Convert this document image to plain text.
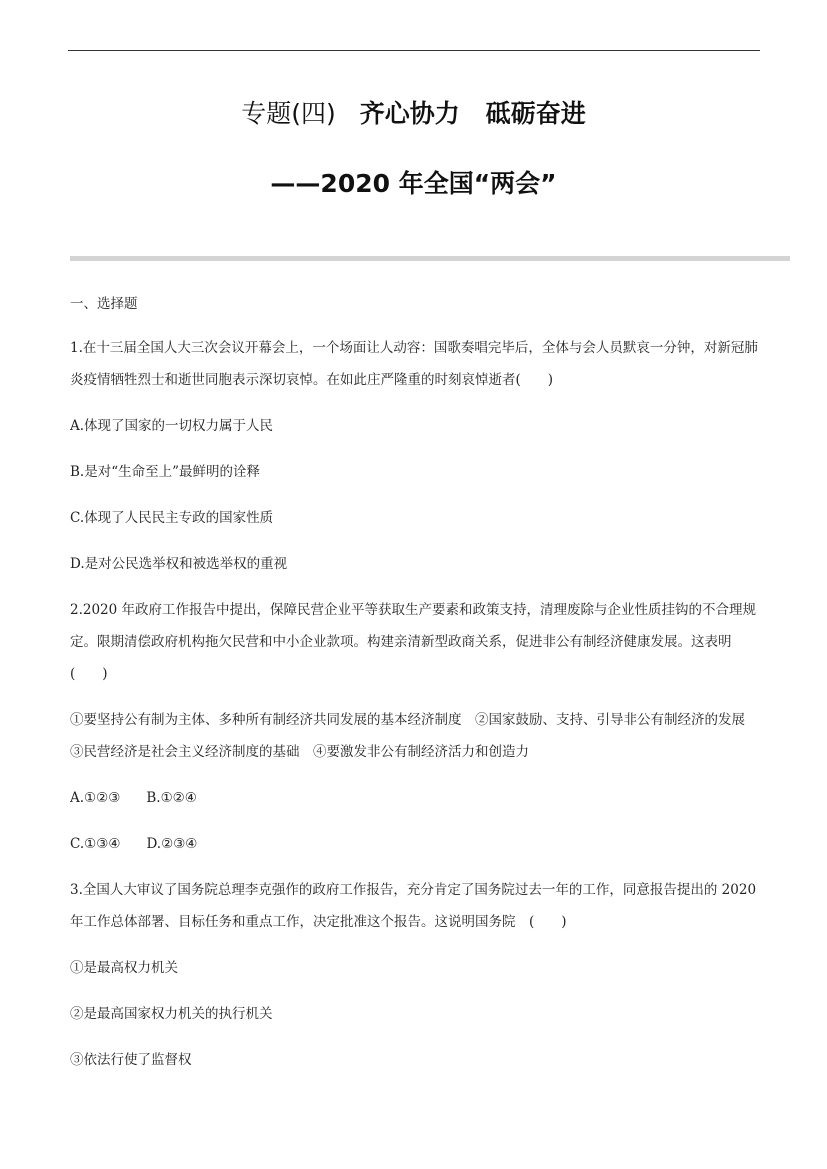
专题(四) 齐心协力 砥砺奋进
——2020 年全国“两会”

一、选择题

1.在十三届全国人大三次会议开幕会上，一个场面让人动容：国歌奏唱完毕后，全体与会人员默哀一分钟，对新冠肺炎疫情牺牲烈士和逝世同胞表示深切哀悼。在如此庄严隆重的时刻哀悼逝者(　　)

A.体现了国家的一切权力属于人民

B.是对“生命至上”最鲜明的诠释

C.体现了人民民主专政的国家性质

D.是对公民选举权和被选举权的重视

2.2020 年政府工作报告中提出，保障民营企业平等获取生产要素和政策支持，清理废除与企业性质挂钩的不合理规定。限期清偿政府机构拖欠民营和中小企业款项。构建亲清新型政商关系，促进非公有制经济健康发展。这表明　(　　)

①要坚持公有制为主体、多种所有制经济共同发展的基本经济制度　②国家鼓励、支持、引导非公有制经济的发展　③民营经济是社会主义经济制度的基础　④要激发非公有制经济活力和创造力

A.①②③ B.①②④

C.①③④ D.②③④

3.全国人大审议了国务院总理李克强作的政府工作报告，充分肯定了国务院过去一年的工作，同意报告提出的 2020 年工作总体部署、目标任务和重点工作，决定批准这个报告。这说明国务院　(　　)

①是最高权力机关

②是最高国家权力机关的执行机关

③依法行使了监督权
